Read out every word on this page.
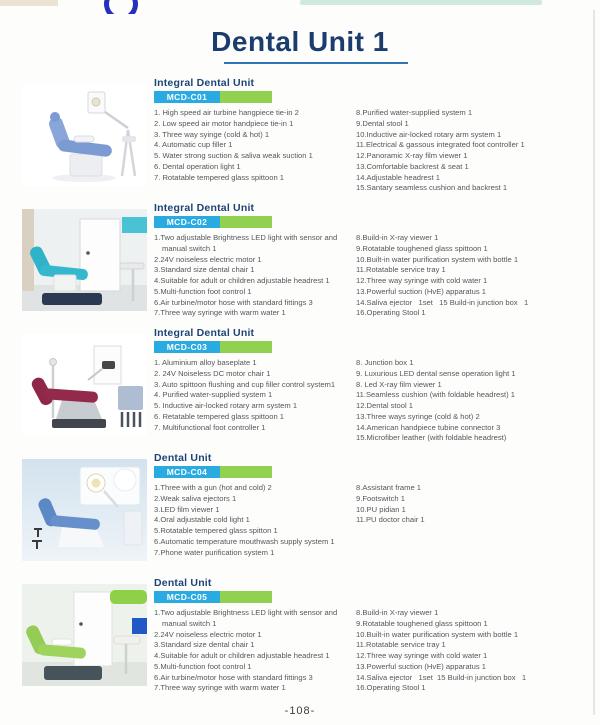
Dental Unit 1
Integral Dental Unit
MCD-C01
1. High speed air turbine hangpiece tie-in 2
2. Low speed air motor handpiece tie-in 1
3. Three way syinge (cold & hot) 1
4. Automatic cup filler 1
5. Water strong suction & saliva weak suction 1
6. Dental operation light 1
7. Rotatable tempered glass spittoon 1
8.Purified water-supplied system 1
9.Dental stool 1
10.Inductive air-locked rotary arm system 1
11.Electrical & gassous integrated foot controller 1
12.Panoramic X-ray film viewer 1
13.Comfortable backrest & seat 1
14.Adjustable headrest 1
15.Santary seamless cushion and backrest 1
Integral Dental Unit
MCD-C02
1.Two adjustable Brightness LED light with sensor and manual switch 1
2.24V noiseless electric motor 1
3.Standard size dental chair 1
4.Suitable for adult or children adjustable headrest 1
5.Multi-function foot control 1
6.Air turbine/motor hose with standard fittings 3
7.Three way syringe with warm water 1
8.Build-in X-ray viewer 1
9.Rotatable toughened glass spittoon 1
10.Built-in water purification system with bottle 1
11.Rotatable service tray 1
12.Three way syringe with cold water 1
13.Powerful suction (HvE) apparatus 1
14.Saliva ejector   1set   15 Build-in junction box   1
16.Operating Stool 1
Integral Dental Unit
MCD-C03
1. Aluminium alloy baseplate 1
2. 24V Noiseless DC motor chair 1
3. Auto spittoon flushing and cup filler control system1
4. Purified water-supplied system 1
5. Inductive air-locked rotary arm system 1
6. Retatable tempered glass spittoon 1
7. Multifunctional foot controller 1
8. Junction box 1
9. Luxurious LED dental sense operation light 1
8. Led X-ray film viewer 1
11.Seamless cushion (with foldable headrest) 1
12.Dental stool 1
13.Three ways syringe (cold & hot) 2
14.American handpiece tubine connector 3
15.Microfiber leather (with foldable headrest)
Dental Unit
MCD-C04
1.Three with a gun (hot and cold) 2
2.Weak saliva ejectors 1
3.LED film viewer 1
4.Oral adjustable cold light 1
5.Rotatable tempered glass spitton 1
6.Automatic temperature mouthwash supply system 1
7.Phone water purification system 1
8.Assistant frame 1
9.Footswitch 1
10.PU pidian 1
11.PU doctor chair 1
Dental Unit
MCD-C05
1.Two adjustable Brightness LED light with sensor and manual switch 1
2.24V noiseless electric motor 1
3.Standard size dental chair 1
4.Suitable for adult or children adjustable headrest 1
5.Multi-function foot control 1
6.Air turbine/motor hose with standard fittings 3
7.Three way syringe with warm water 1
8.Build-in X-ray viewer 1
9.Rotatable toughened glass spittoon 1
10.Built-in water purification system with bottle 1
11.Rotatable service tray 1
12.Three way syringe with cold water 1
13.Powerful suction (HvE) apparatus 1
14.Saliva ejector   1set  15 Build-in junction box   1
16.Operating Stool 1
-108-
